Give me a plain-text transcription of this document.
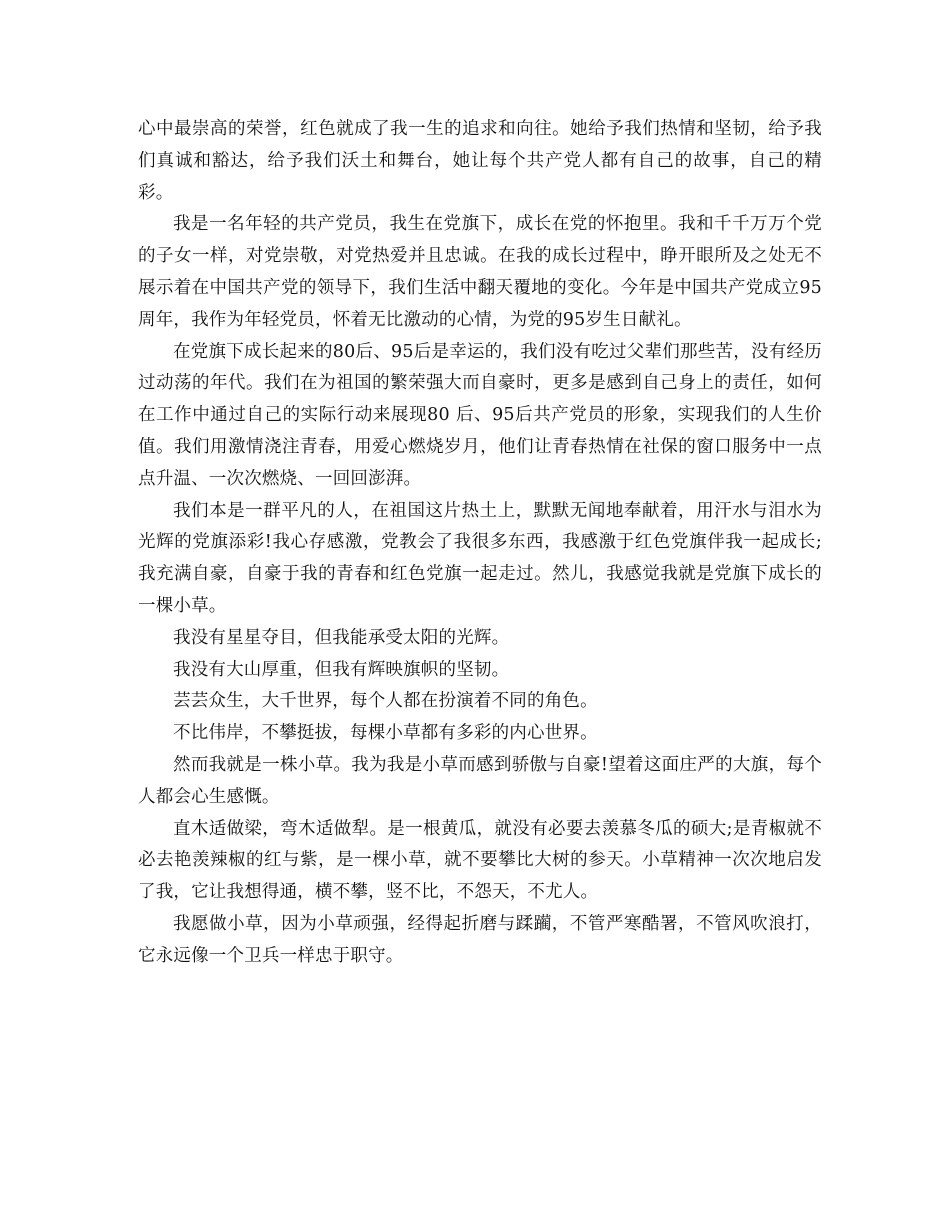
心中最崇高的荣誉，红色就成了我一生的追求和向往。她给予我们热情和坚韧，给予我们真诚和豁达，给予我们沃土和舞台，她让每个共产党人都有自己的故事，自己的精彩。

我是一名年轻的共产党员，我生在党旗下，成长在党的怀抱里。我和千千万万个党的子女一样，对党崇敬，对党热爱并且忠诚。在我的成长过程中，睁开眼所及之处无不展示着在中国共产党的领导下，我们生活中翻天覆地的变化。今年是中国共产党成立95周年，我作为年轻党员，怀着无比激动的心情，为党的95岁生日献礼。

在党旗下成长起来的80后、95后是幸运的，我们没有吃过父辈们那些苦，没有经历过动荡的年代。我们在为祖国的繁荣强大而自豪时，更多是感到自己身上的责任，如何在工作中通过自己的实际行动来展现80 后、95后共产党员的形象，实现我们的人生价值。我们用激情浇注青春，用爱心燃烧岁月，他们让青春热情在社保的窗口服务中一点点升温、一次次燃烧、一回回澎湃。

我们本是一群平凡的人，在祖国这片热土上，默默无闻地奉献着，用汗水与泪水为光辉的党旗添彩!我心存感激，党教会了我很多东西，我感激于红色党旗伴我一起成长;我充满自豪，自豪于我的青春和红色党旗一起走过。然儿，我感觉我就是党旗下成长的一棵小草。

我没有星星夺目，但我能承受太阳的光辉。

我没有大山厚重，但我有辉映旗帜的坚韧。

芸芸众生，大千世界，每个人都在扮演着不同的角色。

不比伟岸，不攀挺拔，每棵小草都有多彩的内心世界。

然而我就是一株小草。我为我是小草而感到骄傲与自豪!望着这面庄严的大旗，每个人都会心生感慨。

直木适做梁，弯木适做犁。是一根黄瓜，就没有必要去羡慕冬瓜的硕大;是青椒就不必去艳羡辣椒的红与紫，是一棵小草，就不要攀比大树的参天。小草精神一次次地启发了我，它让我想得通，横不攀，竖不比，不怨天，不尤人。

我愿做小草，因为小草顽强，经得起折磨与蹂躏，不管严寒酷署，不管风吹浪打，它永远像一个卫兵一样忠于职守。
